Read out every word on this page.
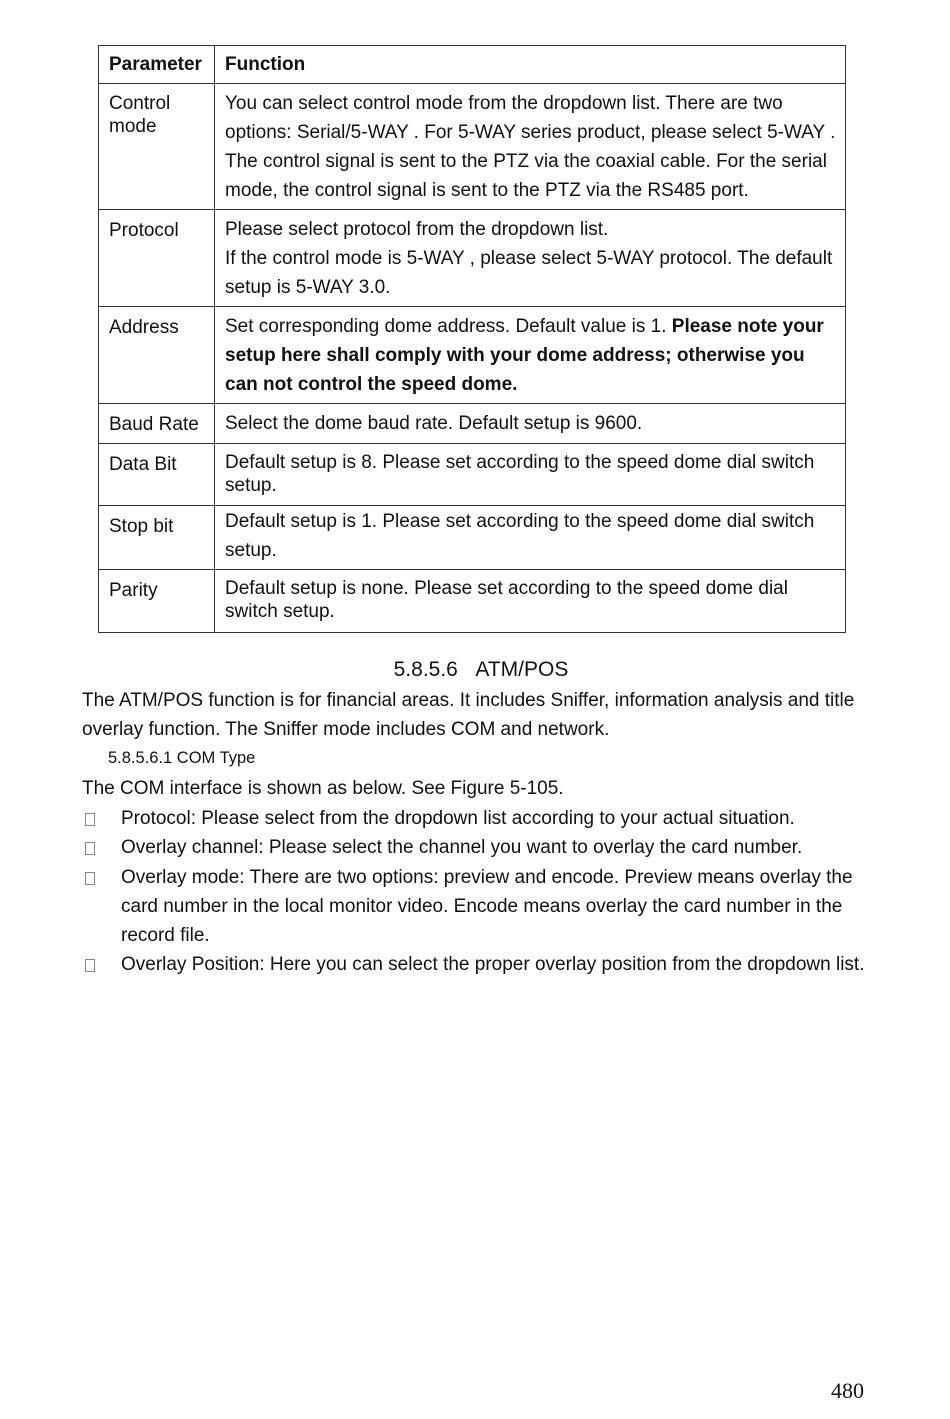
Parameter	Function
Control mode	You can select control mode from the dropdown list. There are two options: Serial/5-WAY . For 5-WAY series product, please select 5-WAY . The control signal is sent to the PTZ via the coaxial cable. For the serial mode, the control signal is sent to the PTZ via the RS485 port.

Protocol	Please select protocol from the dropdown list.

If the control mode is 5-WAY , please select 5-WAY protocol. The default setup is 5-WAY 3.0.

Address	Set corresponding dome address. Default value is 1. Please note your setup here shall comply with your dome address; otherwise you can not control the speed dome.

Baud Rate	Select the dome baud rate. Default setup is 9600.

Data Bit	Default setup is 8. Please set according to the speed dome dial switch setup.

Stop bit	Default setup is 1. Please set according to the speed dome dial switch setup.

Parity	Default setup is none. Please set according to the speed dome dial switch setup.

5.8.5.6 ATM/POS
The ATM/POS function is for financial areas. It includes Sniffer, information analysis and title overlay function. The Sniffer mode includes COM and network.
5.8.5.6.1 COM Type
The COM interface is shown as below. See Figure 5-105.
Protocol: Please select from the dropdown list according to your actual situation.
Overlay channel: Please select the channel you want to overlay the card number.
Overlay mode: There are two options: preview and encode. Preview means overlay the card number in the local monitor video. Encode means overlay the card number in the record file.
Overlay Position: Here you can select the proper overlay position from the dropdown list.
480
